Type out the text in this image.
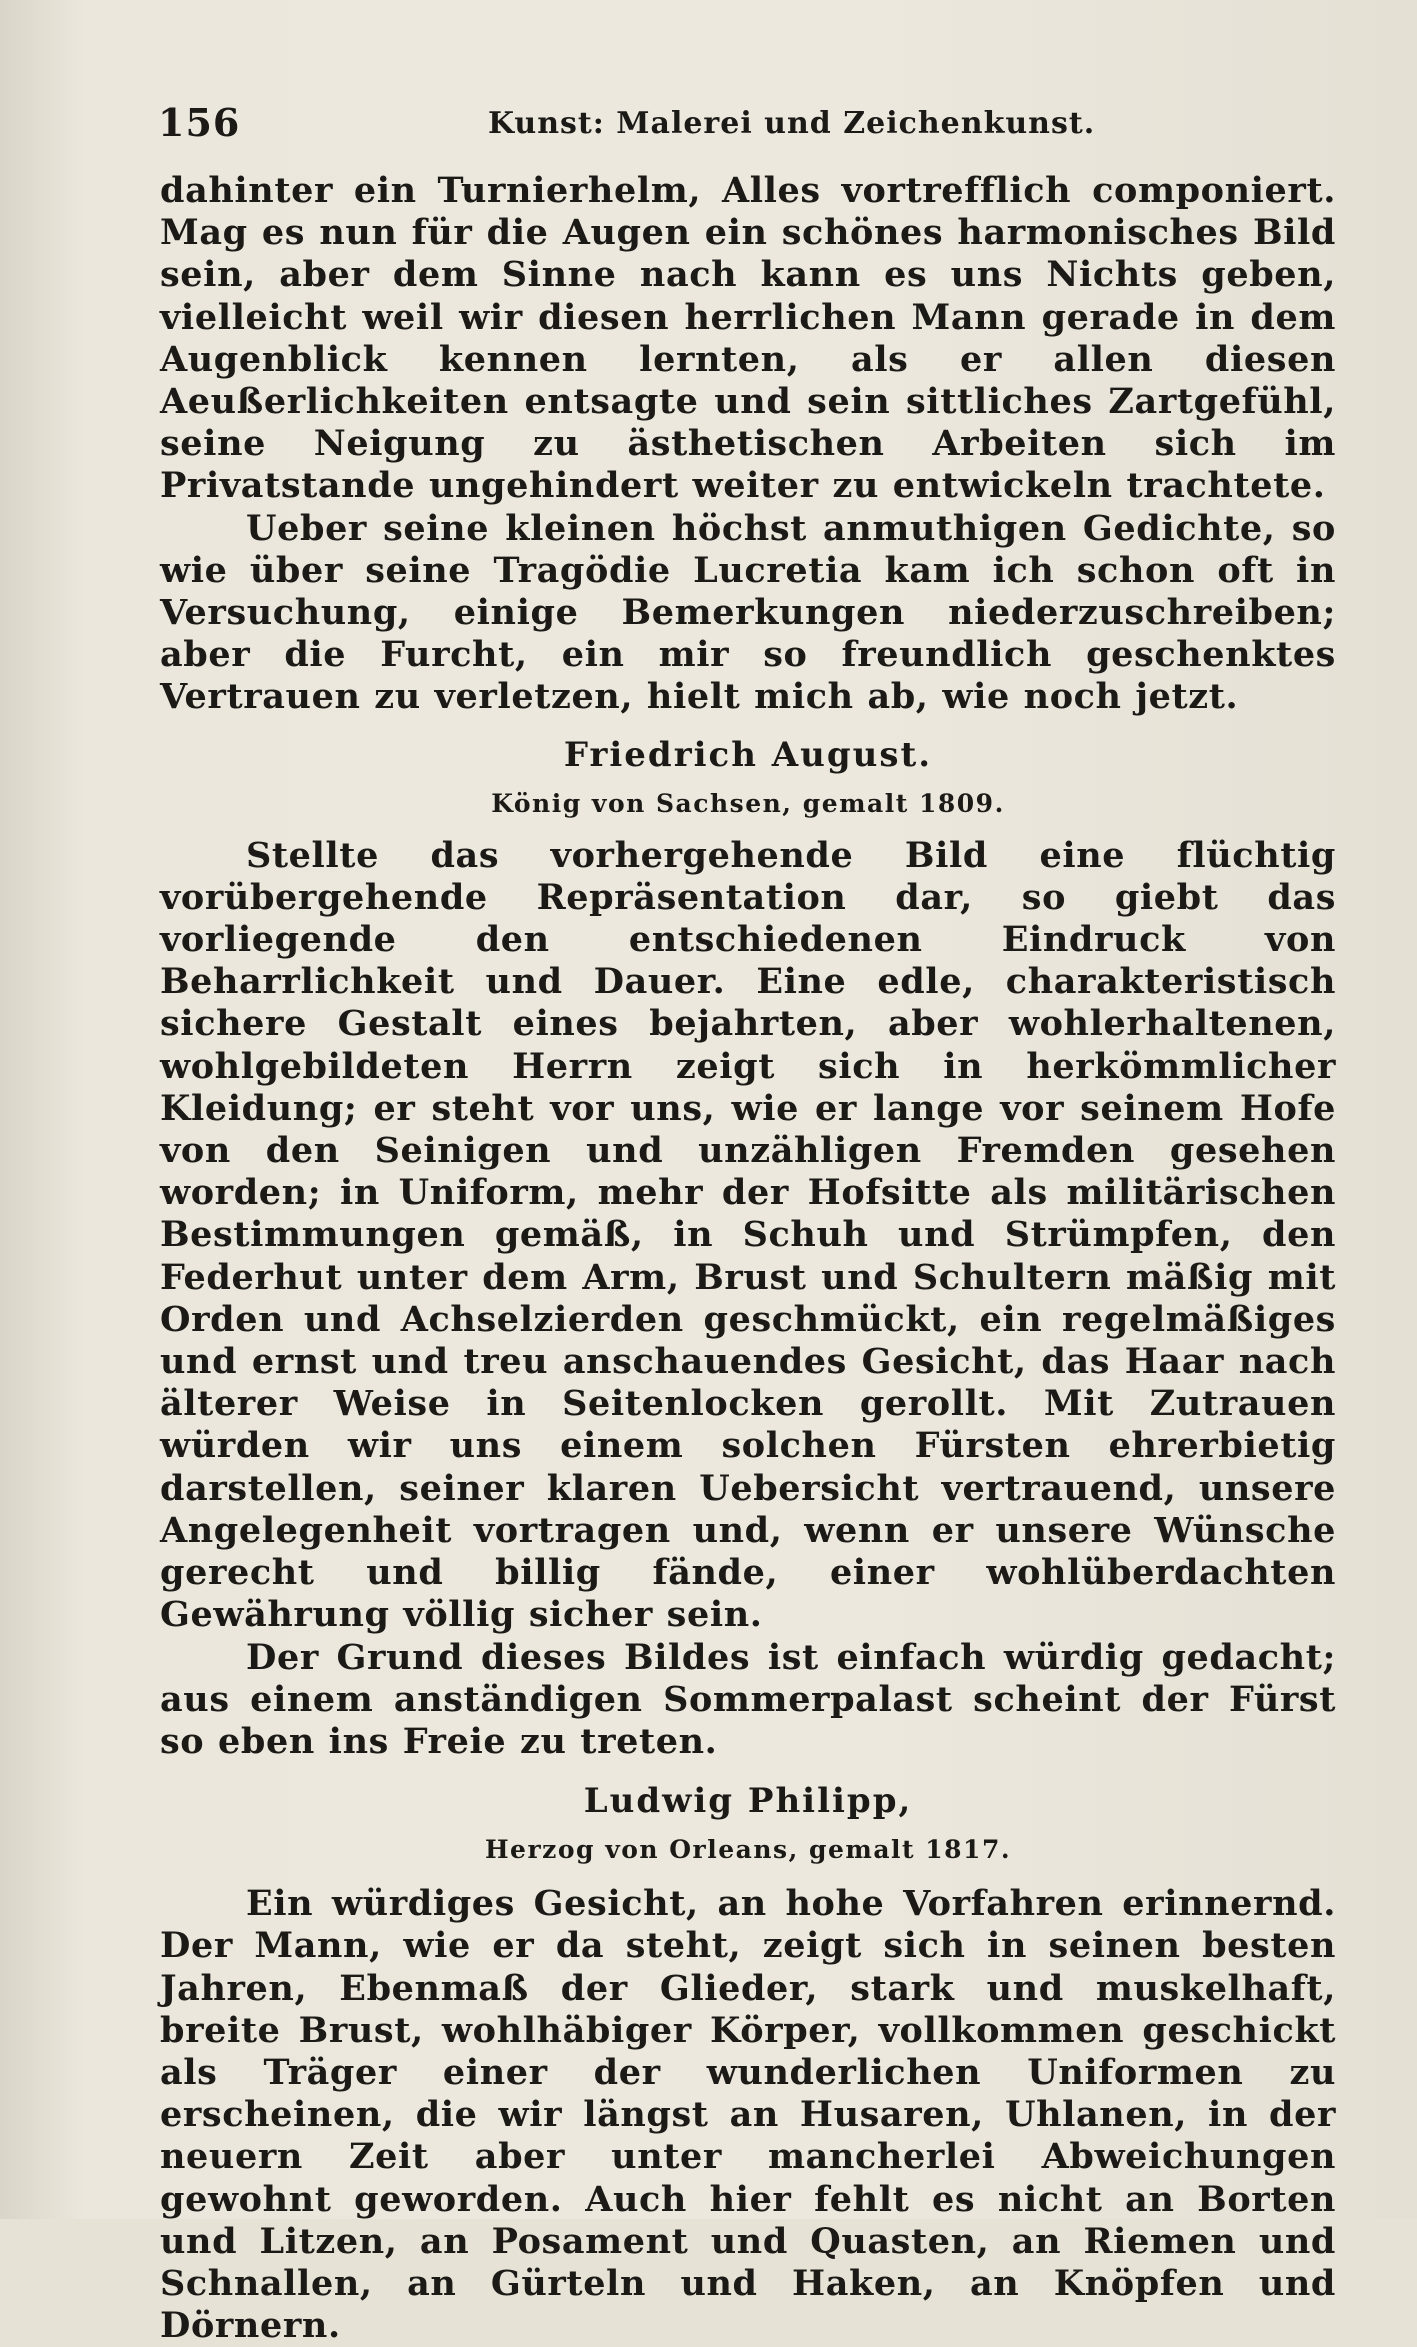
156	Kunst: Malerei und Zeichenkunst.

dahinter ein Turnierhelm, Alles vortrefflich componiert. Mag es nun für die Augen ein schönes harmonisches Bild sein, aber dem Sinne nach kann es uns Nichts geben, vielleicht weil wir diesen herrlichen Mann gerade in dem Augenblick kennen lernten, als er allen diesen Aeußerlichkeiten entsagte und sein sittliches Zartgefühl, seine Neigung zu ästhetischen Arbeiten sich im Privatstande ungehindert weiter zu entwickeln trachtete.

Ueber seine kleinen höchst anmuthigen Gedichte, so wie über seine Tragödie Lucretia kam ich schon oft in Versuchung, einige Bemerkungen niederzuschreiben; aber die Furcht, ein mir so freundlich geschenktes Vertrauen zu verletzen, hielt mich ab, wie noch jetzt.

Friedrich August.
König von Sachsen, gemalt 1809.

Stellte das vorhergehende Bild eine flüchtig vorübergehende Repräsentation dar, so giebt das vorliegende den entschiedenen Eindruck von Beharrlichkeit und Dauer. Eine edle, charakteristisch sichere Gestalt eines bejahrten, aber wohlerhaltenen, wohlgebildeten Herrn zeigt sich in herkömmlicher Kleidung; er steht vor uns, wie er lange vor seinem Hofe von den Seinigen und unzähligen Fremden gesehen worden; in Uniform, mehr der Hofsitte als militärischen Bestimmungen gemäß, in Schuh und Strümpfen, den Federhut unter dem Arm, Brust und Schultern mäßig mit Orden und Achselzierden geschmückt, ein regelmäßiges und ernst und treu anschauendes Gesicht, das Haar nach älterer Weise in Seitenlocken gerollt. Mit Zutrauen würden wir uns einem solchen Fürsten ehrerbietig darstellen, seiner klaren Uebersicht vertrauend, unsere Angelegenheit vortragen und, wenn er unsere Wünsche gerecht und billig fände, einer wohlüberdachten Gewährung völlig sicher sein.

Der Grund dieses Bildes ist einfach würdig gedacht; aus einem anständigen Sommerpalast scheint der Fürst so eben ins Freie zu treten.

Ludwig Philipp,
Herzog von Orleans, gemalt 1817.

Ein würdiges Gesicht, an hohe Vorfahren erinnernd. Der Mann, wie er da steht, zeigt sich in seinen besten Jahren, Ebenmaß der Glieder, stark und muskelhaft, breite Brust, wohlhäbiger Körper, vollkommen geschickt als Träger einer der wunderlichen Uniformen zu erscheinen, die wir längst an Husaren, Uhlanen, in der neuern Zeit aber unter mancherlei Abweichungen gewohnt geworden. Auch hier fehlt es nicht an Borten und Litzen, an Posament und Quasten, an Riemen und Schnallen, an Gürteln und Haken, an Knöpfen und Dörnern.
